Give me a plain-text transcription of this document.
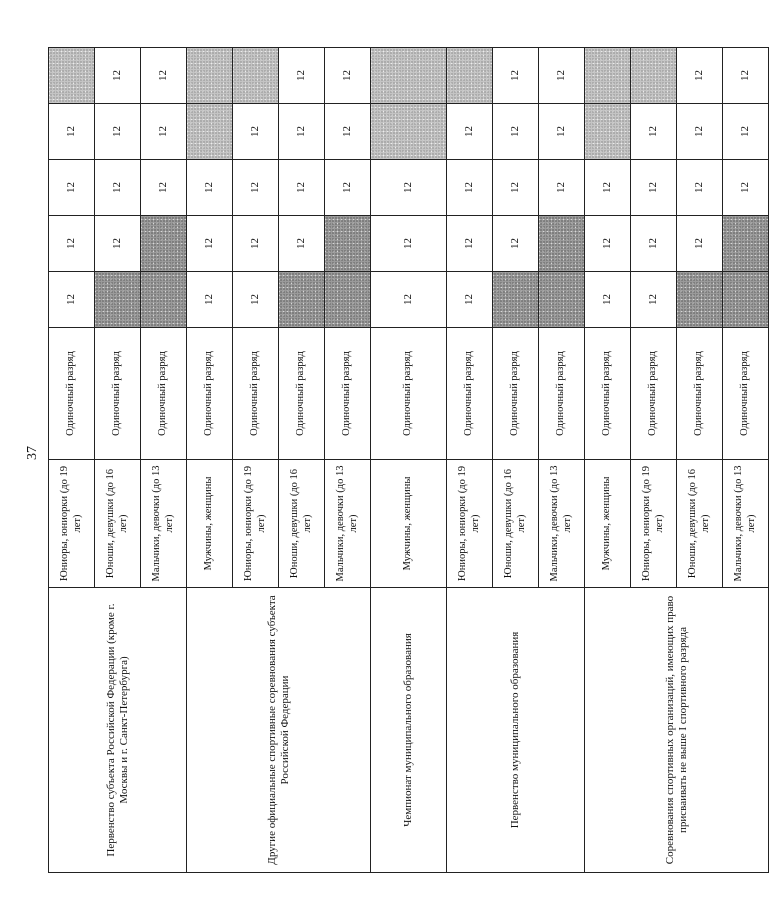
37
Первенство субъекта Российской Федерации (кроме г. Москвы и г. Санкт-Петербурга)	Юниоры, юниорки (до 19 лет)	Одиночный разряд	12	12	12	12	
	Юноши, девушки (до 16 лет)	Одиночный разряд		12	12	12	12
	Мальчики, девочки (до 13 лет)	Одиночный разряд			12	12	12
Другие официальные спортивные соревнования субъекта Российской Федерации	Мужчины, женщины	Одиночный разряд	12	12	12		
	Юниоры, юниорки (до 19 лет)	Одиночный разряд	12	12	12	12	
	Юноши, девушки (до 16 лет)	Одиночный разряд		12	12	12	12
	Мальчики, девочки (до 13 лет)	Одиночный разряд			12	12	12
Чемпионат муниципального образования	Мужчины, женщины	Одиночный разряд	12	12	12		
Первенство муниципального образования	Юниоры, юниорки (до 19 лет)	Одиночный разряд	12	12	12	12	
	Юноши, девушки (до 16 лет)	Одиночный разряд		12	12	12	12
	Мальчики, девочки (до 13 лет)	Одиночный разряд			12	12	12
Соревнования спортивных организаций, имеющих право присваивать не выше I спортивного разряда	Мужчины, женщины	Одиночный разряд	12	12	12		
	Юниоры, юниорки (до 19 лет)	Одиночный разряд	12	12	12	12	
	Юноши, девушки (до 16 лет)	Одиночный разряд		12	12	12	12
	Мальчики, девочки (до 13 лет)	Одиночный разряд			12	12	12
